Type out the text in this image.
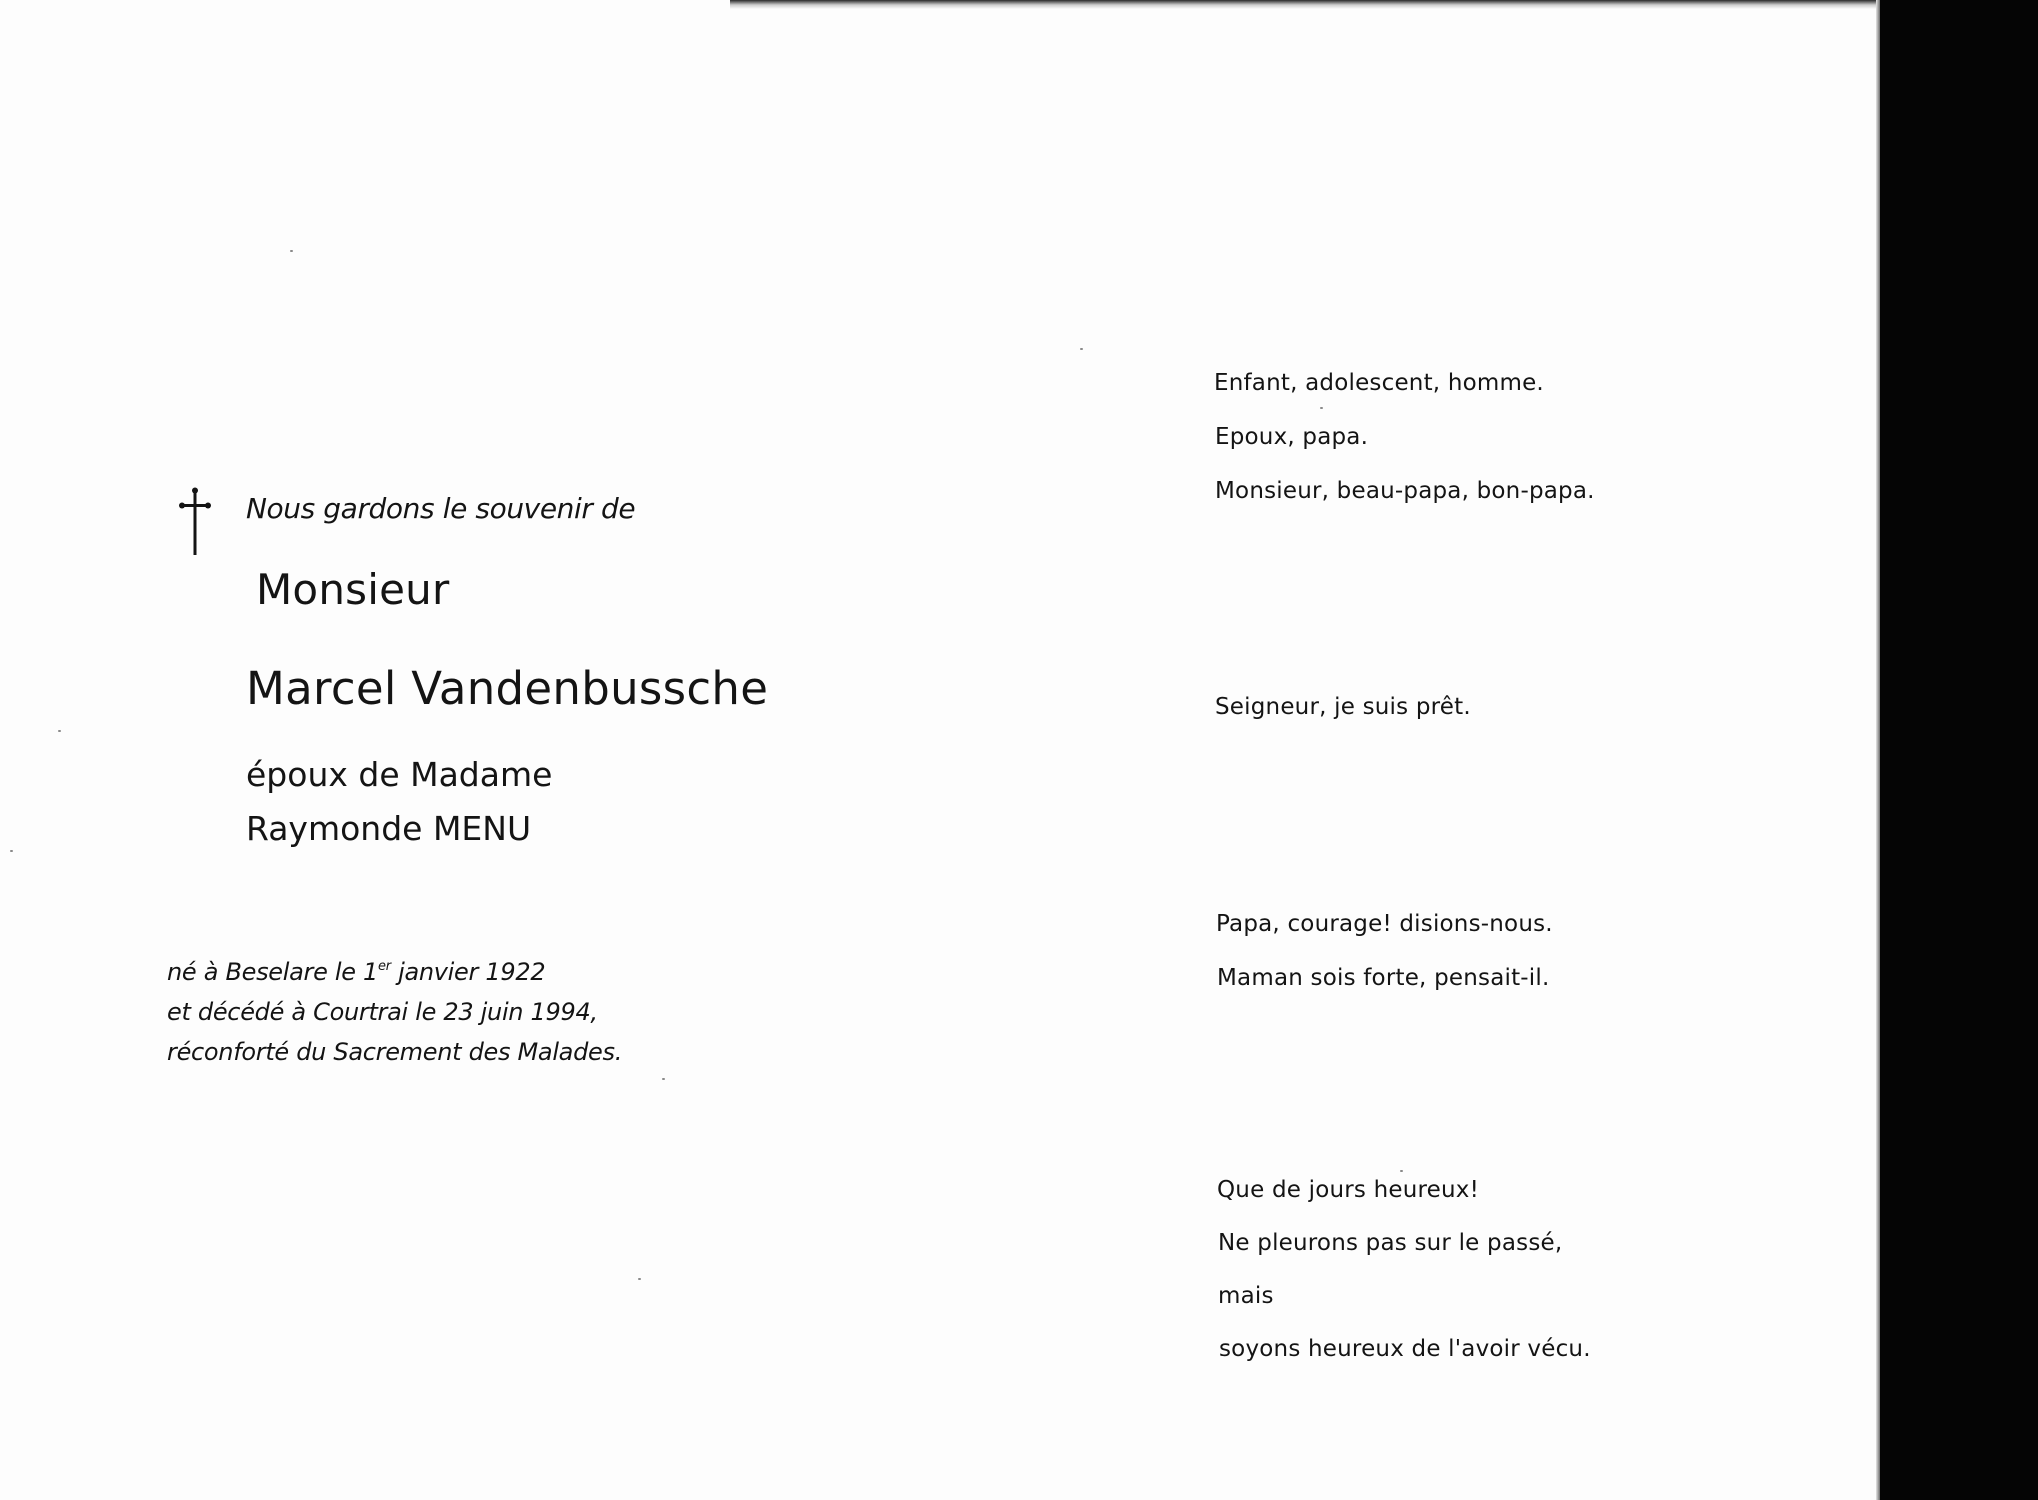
Nous gardons le souvenir de

Monsieur

Marcel Vandenbussche

époux de Madame

Raymonde MENU

né à Beselare le 1er janvier 1922

et décédé à Courtrai le 23 juin 1994,

réconforté du Sacrement des Malades.

Enfant, adolescent, homme.

Epoux, papa.

Monsieur, beau-papa, bon-papa.

Seigneur, je suis prêt.

Papa, courage! disions-nous.

Maman sois forte, pensait-il.

Que de jours heureux!

Ne pleurons pas sur le passé,

mais

soyons heureux de l'avoir vécu.
